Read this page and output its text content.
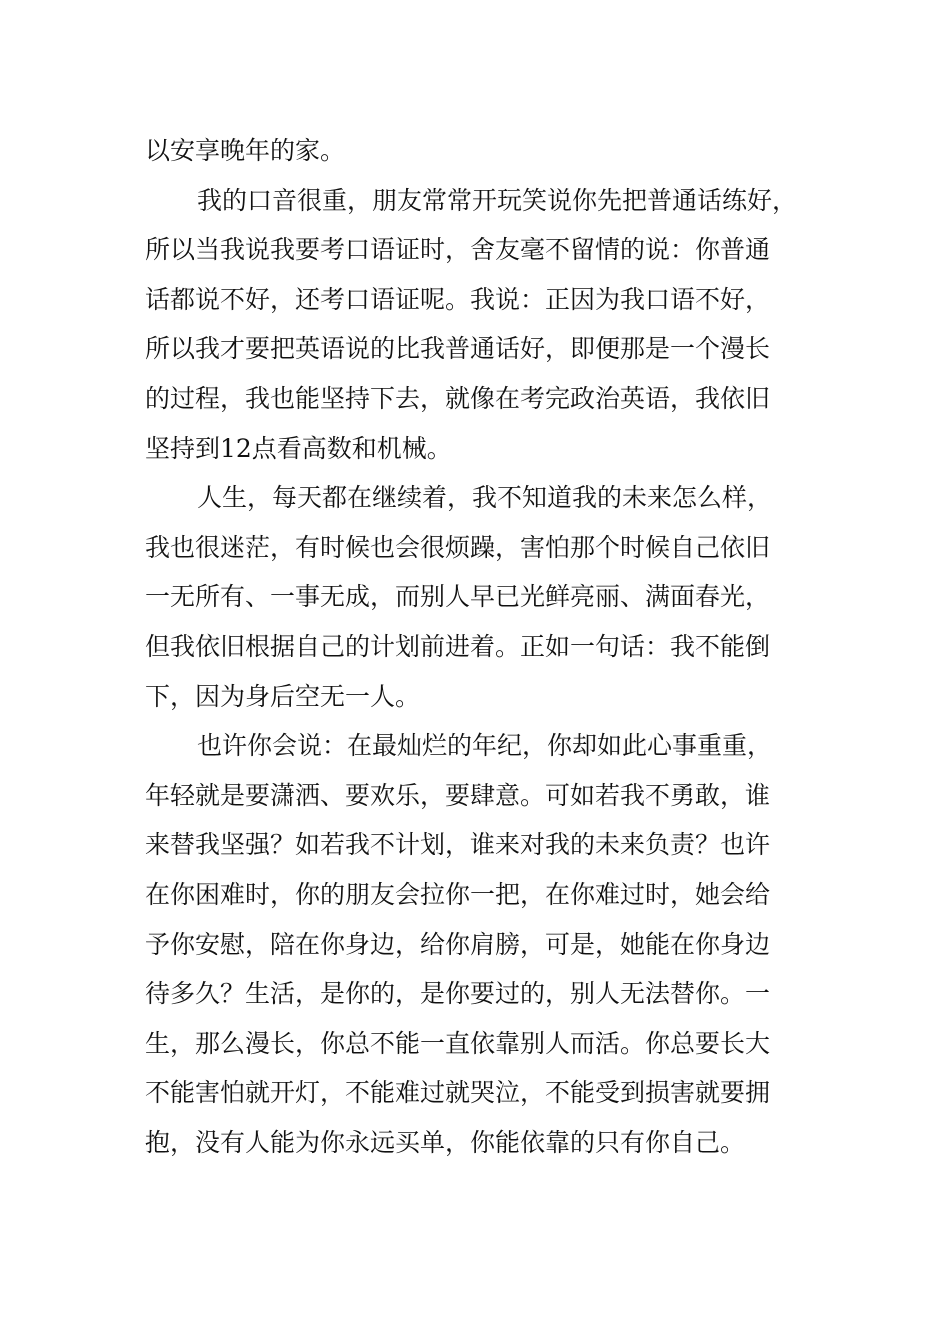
以安享晚年的家。
我的口音很重，朋友常常开玩笑说你先把普通话练好，
所以当我说我要考口语证时，舍友毫不留情的说：你普通
话都说不好，还考口语证呢。我说：正因为我口语不好，
所以我才要把英语说的比我普通话好，即便那是一个漫长
的过程，我也能坚持下去，就像在考完政治英语，我依旧
坚持到12点看高数和机械。
人生，每天都在继续着，我不知道我的未来怎么样，
我也很迷茫，有时候也会很烦躁，害怕那个时候自己依旧
一无所有、一事无成，而别人早已光鲜亮丽、满面春光，
但我依旧根据自己的计划前进着。正如一句话：我不能倒
下，因为身后空无一人。
也许你会说：在最灿烂的年纪，你却如此心事重重，
年轻就是要潇洒、要欢乐，要肆意。可如若我不勇敢，谁
来替我坚强？如若我不计划，谁来对我的未来负责？也许
在你困难时，你的朋友会拉你一把，在你难过时，她会给
予你安慰，陪在你身边，给你肩膀，可是，她能在你身边
待多久？生活，是你的，是你要过的，别人无法替你。一
生，那么漫长，你总不能一直依靠别人而活。你总要长大
不能害怕就开灯，不能难过就哭泣，不能受到损害就要拥
抱，没有人能为你永远买单，你能依靠的只有你自己。
